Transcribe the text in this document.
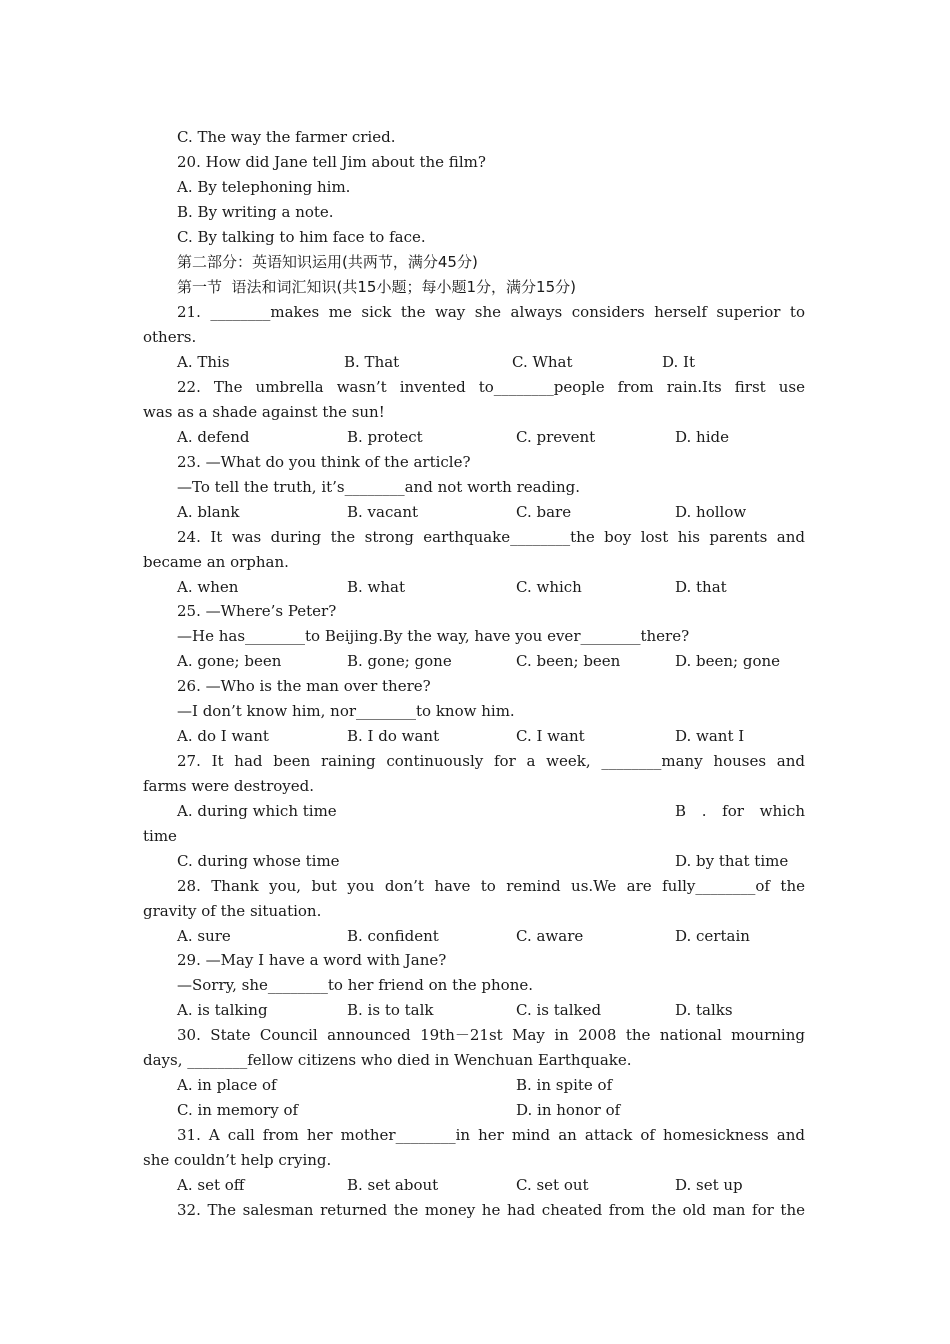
C. The way the farmer cried.
20. How did Jane tell Jim about the film?
A. By telephoning him.
B. By writing a note.
C. By talking to him face to face.
第二部分：英语知识运用(共两节，满分45分)
第一节  语法和词汇知识(共15小题；每小题1分，满分15分)
21. ________makes me sick the way she always considers herself superior to
others.
A. This	B. That	C. What	D. It
22. The umbrella wasn’t invented to________people from rain.Its first use
was as a shade against the sun!
A. defend	B. protect	C. prevent	D. hide
23. —What do you think of the article?
—To tell the truth, it’s________and not worth reading.
A. blank	B. vacant	C. bare	D. hollow
24. It was during the strong earthquake________the boy lost his parents and
became an orphan.
A. when	B. what	C. which	D. that
25. —Where’s Peter?
—He has________to Beijing.By the way, have you ever________there?
A. gone; been	B. gone; gone	C. been; been	D. been; gone
26. —Who is the man over there?
—I don’t know him, nor________to know him.
A. do I want	B. I do want	C. I want	D. want I
27. It had been raining continuously for a week, ________many houses and
farms were destroyed.
A. during which time	B . for which
time
C. during whose time	D. by that time
28. Thank you, but you don’t have to remind us.We are fully________of the
gravity of the situation.
A. sure	B. confident	C. aware	D. certain
29. —May I have a word with Jane?
—Sorry, she________to her friend on the phone.
A. is talking	B. is to talk	C. is talked	D. talks
30. State Council announced 19th－21st May in 2008 the national mourning
days, ________fellow citizens who died in Wenchuan Earthquake.
A. in place of	B. in spite of
C. in memory of	D. in honor of
31. A call from her mother________in her mind an attack of homesickness and
she couldn’t help crying.
A. set off	B. set about	C. set out	D. set up
32. The salesman returned the money he had cheated from the old man for the
